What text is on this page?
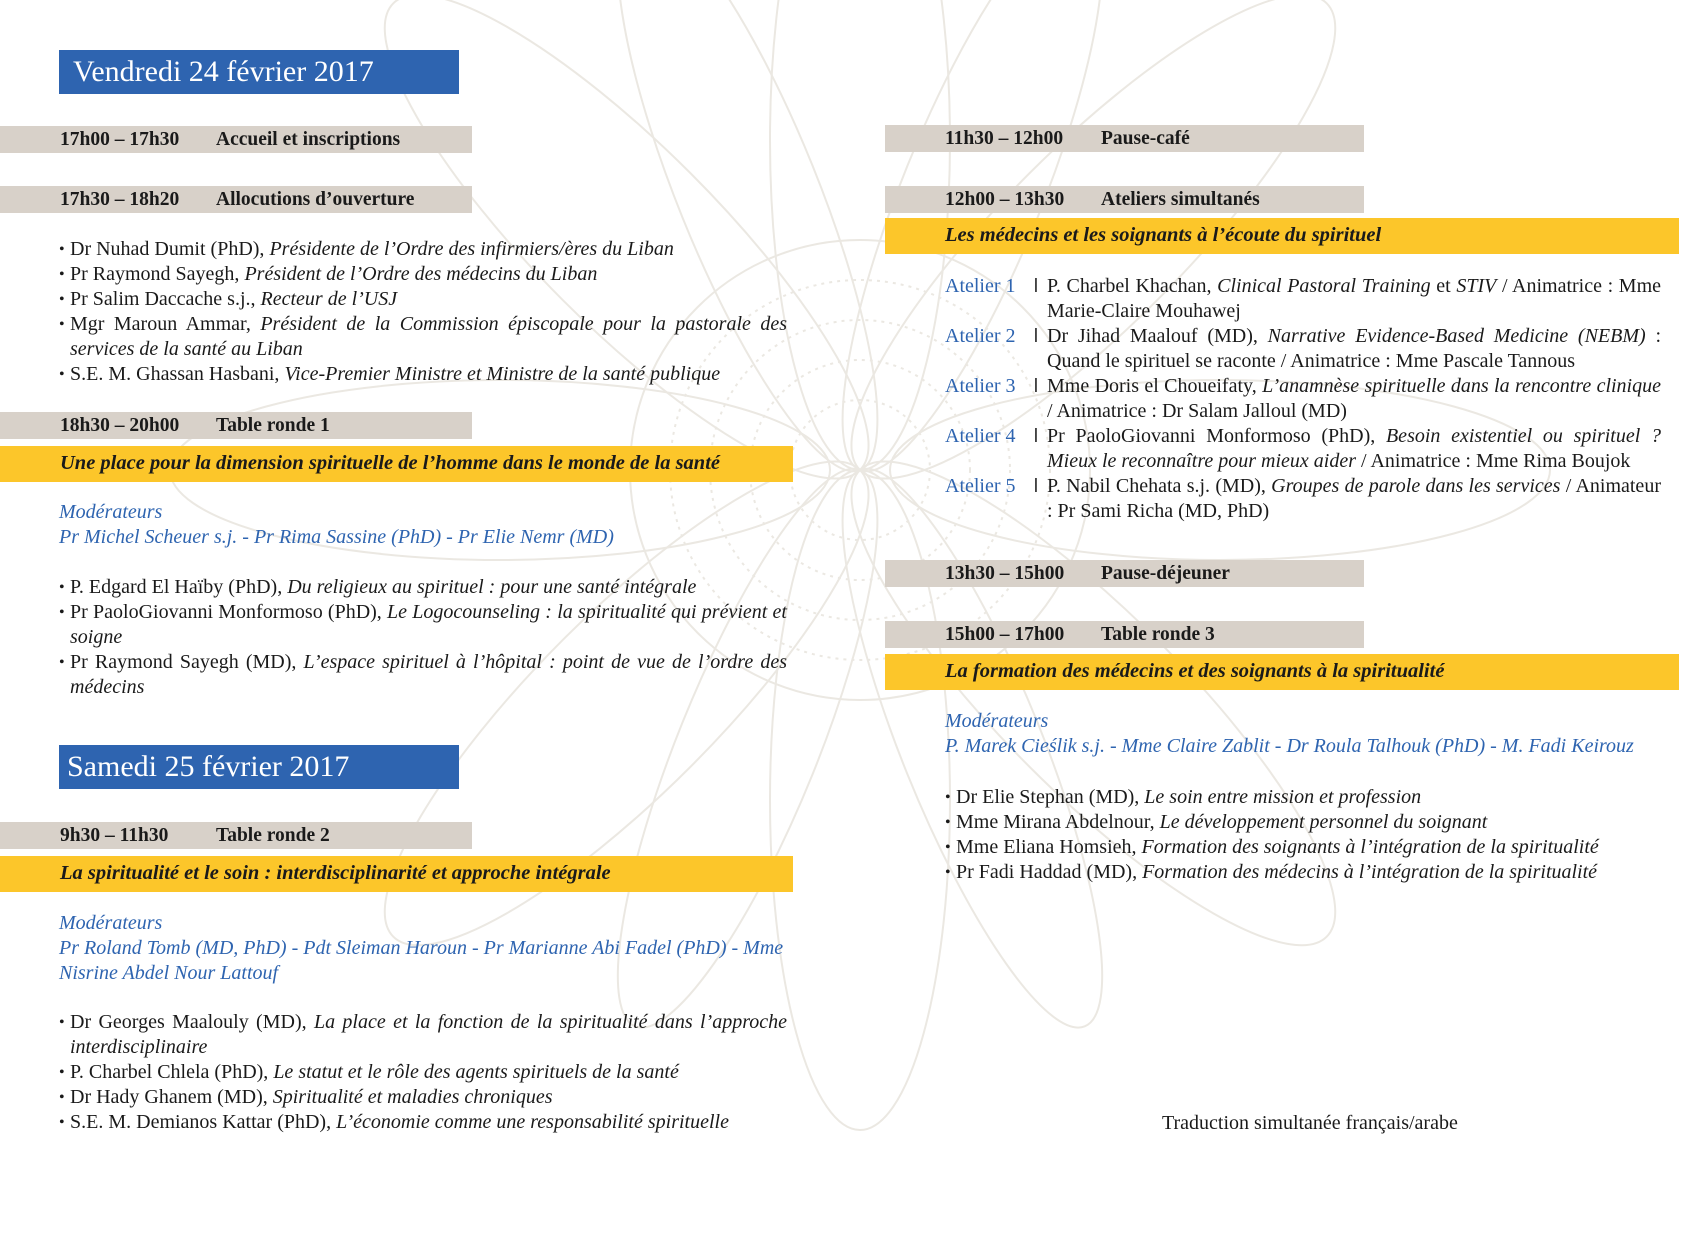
Vendredi 24 février 2017
17h00 – 17h30 Accueil et inscriptions
17h30 – 18h20 Allocutions d’ouverture
• Dr Nuhad Dumit (PhD), Présidente de l’Ordre des infirmiers/ères du Liban
• Pr Raymond Sayegh, Président de l’Ordre des médecins du Liban
• Pr Salim Daccache s.j., Recteur de l’USJ
• Mgr Maroun Ammar, Président de la Commission épiscopale pour la pastorale des services de la santé au Liban
• S.E. M. Ghassan Hasbani, Vice-Premier Ministre et Ministre de la santé publique
18h30 – 20h00 Table ronde 1
Une place pour la dimension spirituelle de l’homme dans le monde de la santé
Modérateurs
Pr Michel Scheuer s.j. - Pr Rima Sassine (PhD) - Pr Elie Nemr (MD)
• P. Edgard El Haïby (PhD), Du religieux au spirituel : pour une santé intégrale
• Pr PaoloGiovanni Monformoso (PhD), Le Logocounseling : la spiritualité qui prévient et soigne
• Pr Raymond Sayegh (MD), L’espace spirituel à l’hôpital : point de vue de l’ordre des médecins
Samedi 25 février 2017
9h30 – 11h30 Table ronde 2
La spiritualité et le soin : interdisciplinarité et approche intégrale
Modérateurs
Pr Roland Tomb (MD, PhD) - Pdt Sleiman Haroun - Pr Marianne Abi Fadel (PhD) - Mme Nisrine Abdel Nour Lattouf
• Dr Georges Maalouly (MD), La place et la fonction de la spiritualité dans l’approche interdisciplinaire
• P. Charbel Chlela (PhD), Le statut et le rôle des agents spirituels de la santé
• Dr Hady Ghanem (MD), Spiritualité et maladies chroniques
• S.E. M. Demianos Kattar (PhD), L’économie comme une responsabilité spirituelle
11h30 – 12h00 Pause-café
12h00 – 13h30 Ateliers simultanés
Les médecins et les soignants à l’écoute du spirituel
Atelier 1 ǀ P. Charbel Khachan, Clinical Pastoral Training et STIV / Animatrice : Mme Marie-Claire Mouhawej
Atelier 2 ǀ Dr Jihad Maalouf (MD), Narrative Evidence-Based Medicine (NEBM) : Quand le spirituel se raconte / Animatrice : Mme Pascale Tannous
Atelier 3 ǀ Mme Doris el Choueifaty, L’anamnèse spirituelle dans la rencontre clinique / Animatrice : Dr Salam Jalloul (MD)
Atelier 4 ǀ Pr PaoloGiovanni Monformoso (PhD), Besoin existentiel ou spirituel ? Mieux le reconnaître pour mieux aider / Animatrice : Mme Rima Boujok
Atelier 5 ǀ P. Nabil Chehata s.j. (MD), Groupes de parole dans les services / Animateur : Pr Sami Richa (MD, PhD)
13h30 – 15h00 Pause-déjeuner
15h00 – 17h00 Table ronde 3
La formation des médecins et des soignants à la spiritualité
Modérateurs
P. Marek Cieślik s.j. - Mme Claire Zablit - Dr Roula Talhouk (PhD) - M. Fadi Keirouz
• Dr Elie Stephan (MD), Le soin entre mission et profession
• Mme Mirana Abdelnour, Le développement personnel du soignant
• Mme Eliana Homsieh, Formation des soignants à l’intégration de la spiritualité
• Pr Fadi Haddad (MD), Formation des médecins à l’intégration de la spiritualité
Traduction simultanée français/arabe
